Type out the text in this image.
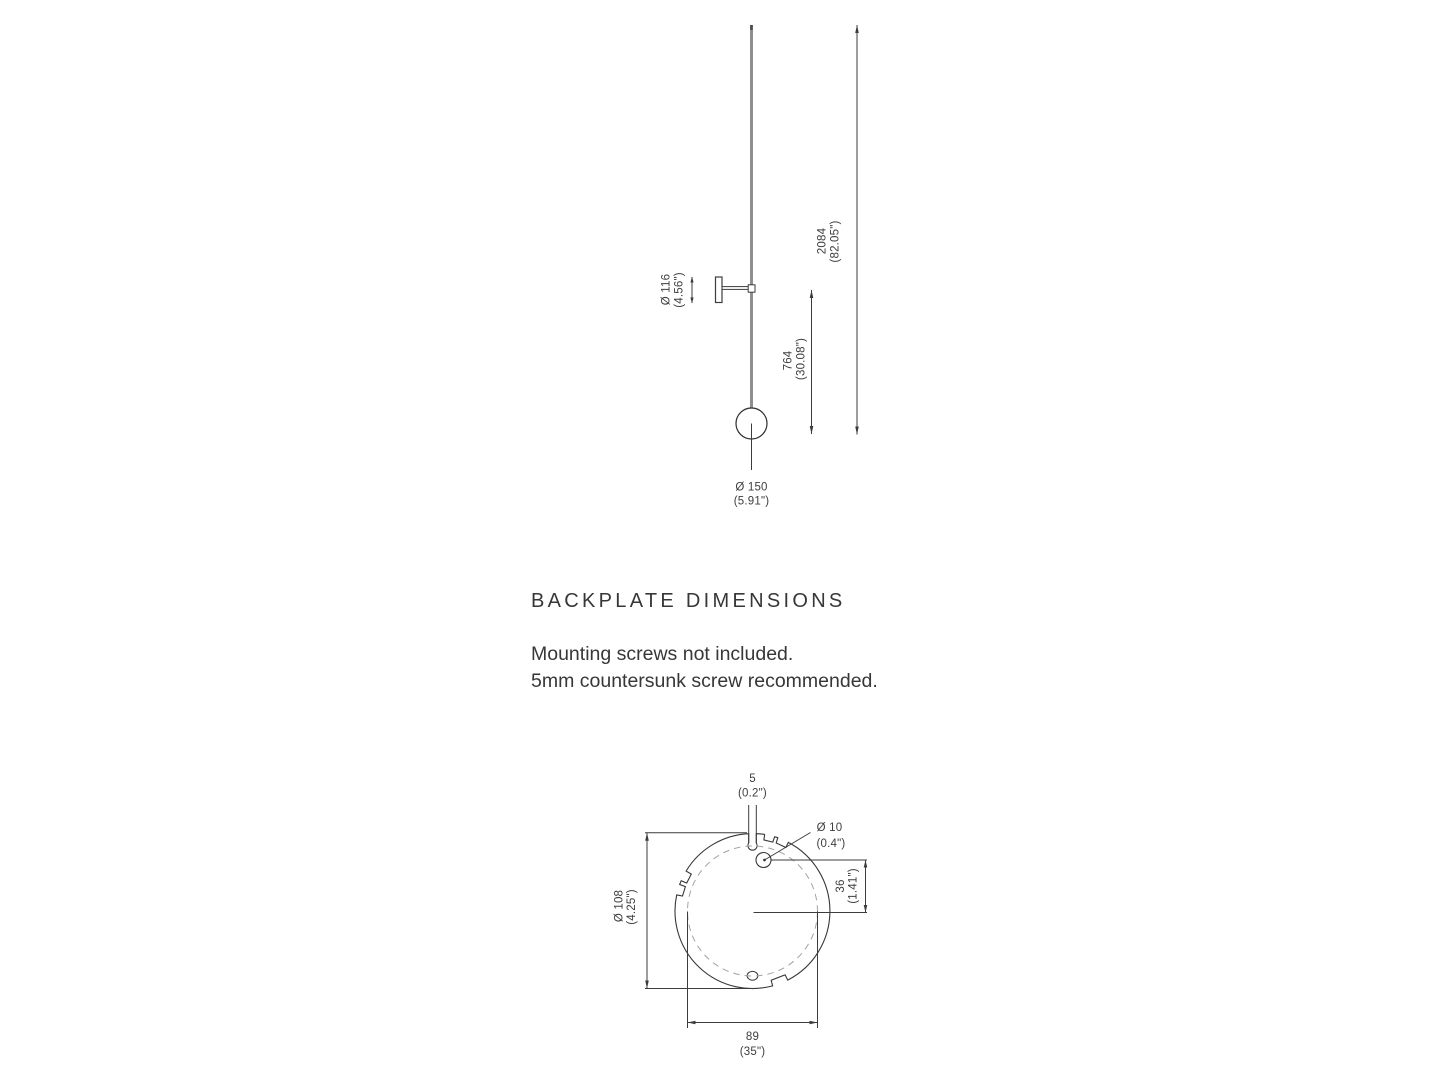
Ø 150
(5.91")
Ø 116 (4.56")
764 (30.08")
2084 (82.05")
5
(0.2")
Ø 10
(0.4")
Ø 108 (4.25")
36 (1.41")
89
(35")
BACKPLATE DIMENSIONS
Mounting screws not included.
5mm countersunk screw recommended.
